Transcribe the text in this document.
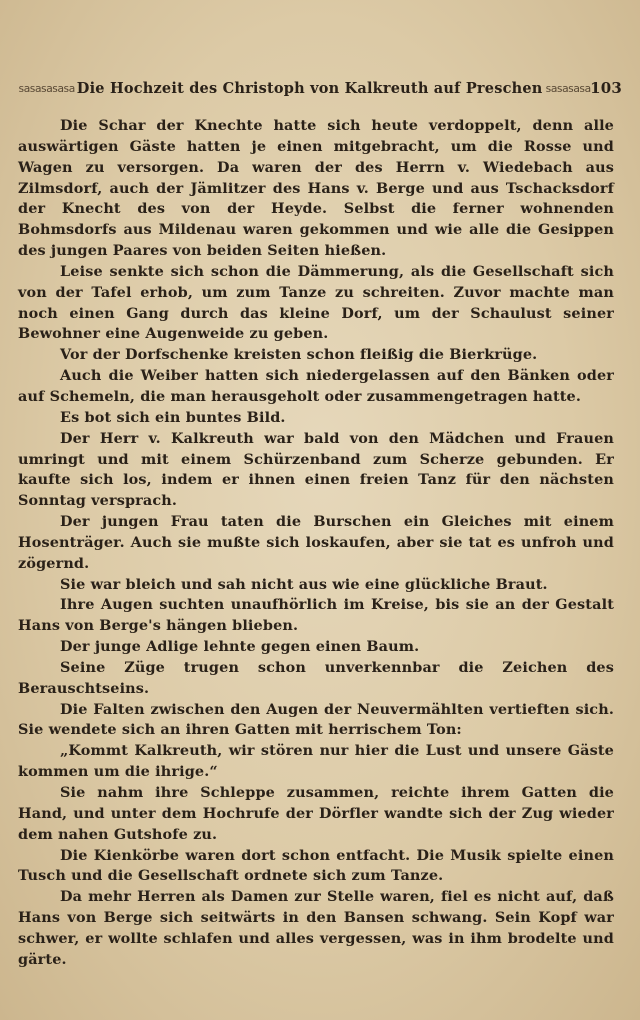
sasasasasa Die Hochzeit des Christoph von Kalkreuth auf Preschen sasasasa 103

Die Schar der Knechte hatte sich heute verdoppelt, denn alle auswärtigen Gäste hatten je einen mitgebracht, um die Rosse und Wagen zu versorgen. Da waren der des Herrn v. Wiedebach aus Zilmsdorf, auch der Jämlitzer des Hans v. Berge und aus Tschacksdorf der Knecht des von der Heyde. Selbst die ferner wohnenden Bohmsdorfs aus Mildenau waren gekommen und wie alle die Gesippen des jungen Paares von beiden Seiten hießen.

Leise senkte sich schon die Dämmerung, als die Gesellschaft sich von der Tafel erhob, um zum Tanze zu schreiten. Zuvor machte man noch einen Gang durch das kleine Dorf, um der Schaulust seiner Bewohner eine Augenweide zu geben.

Vor der Dorfschenke kreisten schon fleißig die Bierkrüge.

Auch die Weiber hatten sich niedergelassen auf den Bänken oder auf Schemeln, die man herausgeholt oder zusammengetragen hatte.

Es bot sich ein buntes Bild.

Der Herr v. Kalkreuth war bald von den Mädchen und Frauen umringt und mit einem Schürzenband zum Scherze gebunden. Er kaufte sich los, indem er ihnen einen freien Tanz für den nächsten Sonntag versprach.

Der jungen Frau taten die Burschen ein Gleiches mit einem Hosenträger. Auch sie mußte sich loskaufen, aber sie tat es unfroh und zögernd.

Sie war bleich und sah nicht aus wie eine glückliche Braut.

Ihre Augen suchten unaufhörlich im Kreise, bis sie an der Gestalt Hans von Berge's hängen blieben.

Der junge Adlige lehnte gegen einen Baum.

Seine Züge trugen schon unverkennbar die Zeichen des Berauschtseins.

Die Falten zwischen den Augen der Neuvermählten vertieften sich. Sie wendete sich an ihren Gatten mit herrischem Ton:

„Kommt Kalkreuth, wir stören nur hier die Lust und unsere Gäste kommen um die ihrige.“

Sie nahm ihre Schleppe zusammen, reichte ihrem Gatten die Hand, und unter dem Hochrufe der Dörfler wandte sich der Zug wieder dem nahen Gutshofe zu.

Die Kienkörbe waren dort schon entfacht. Die Musik spielte einen Tusch und die Gesellschaft ordnete sich zum Tanze.

Da mehr Herren als Damen zur Stelle waren, fiel es nicht auf, daß Hans von Berge sich seitwärts in den Bansen schwang. Sein Kopf war schwer, er wollte schlafen und alles vergessen, was in ihm brodelte und gärte.
